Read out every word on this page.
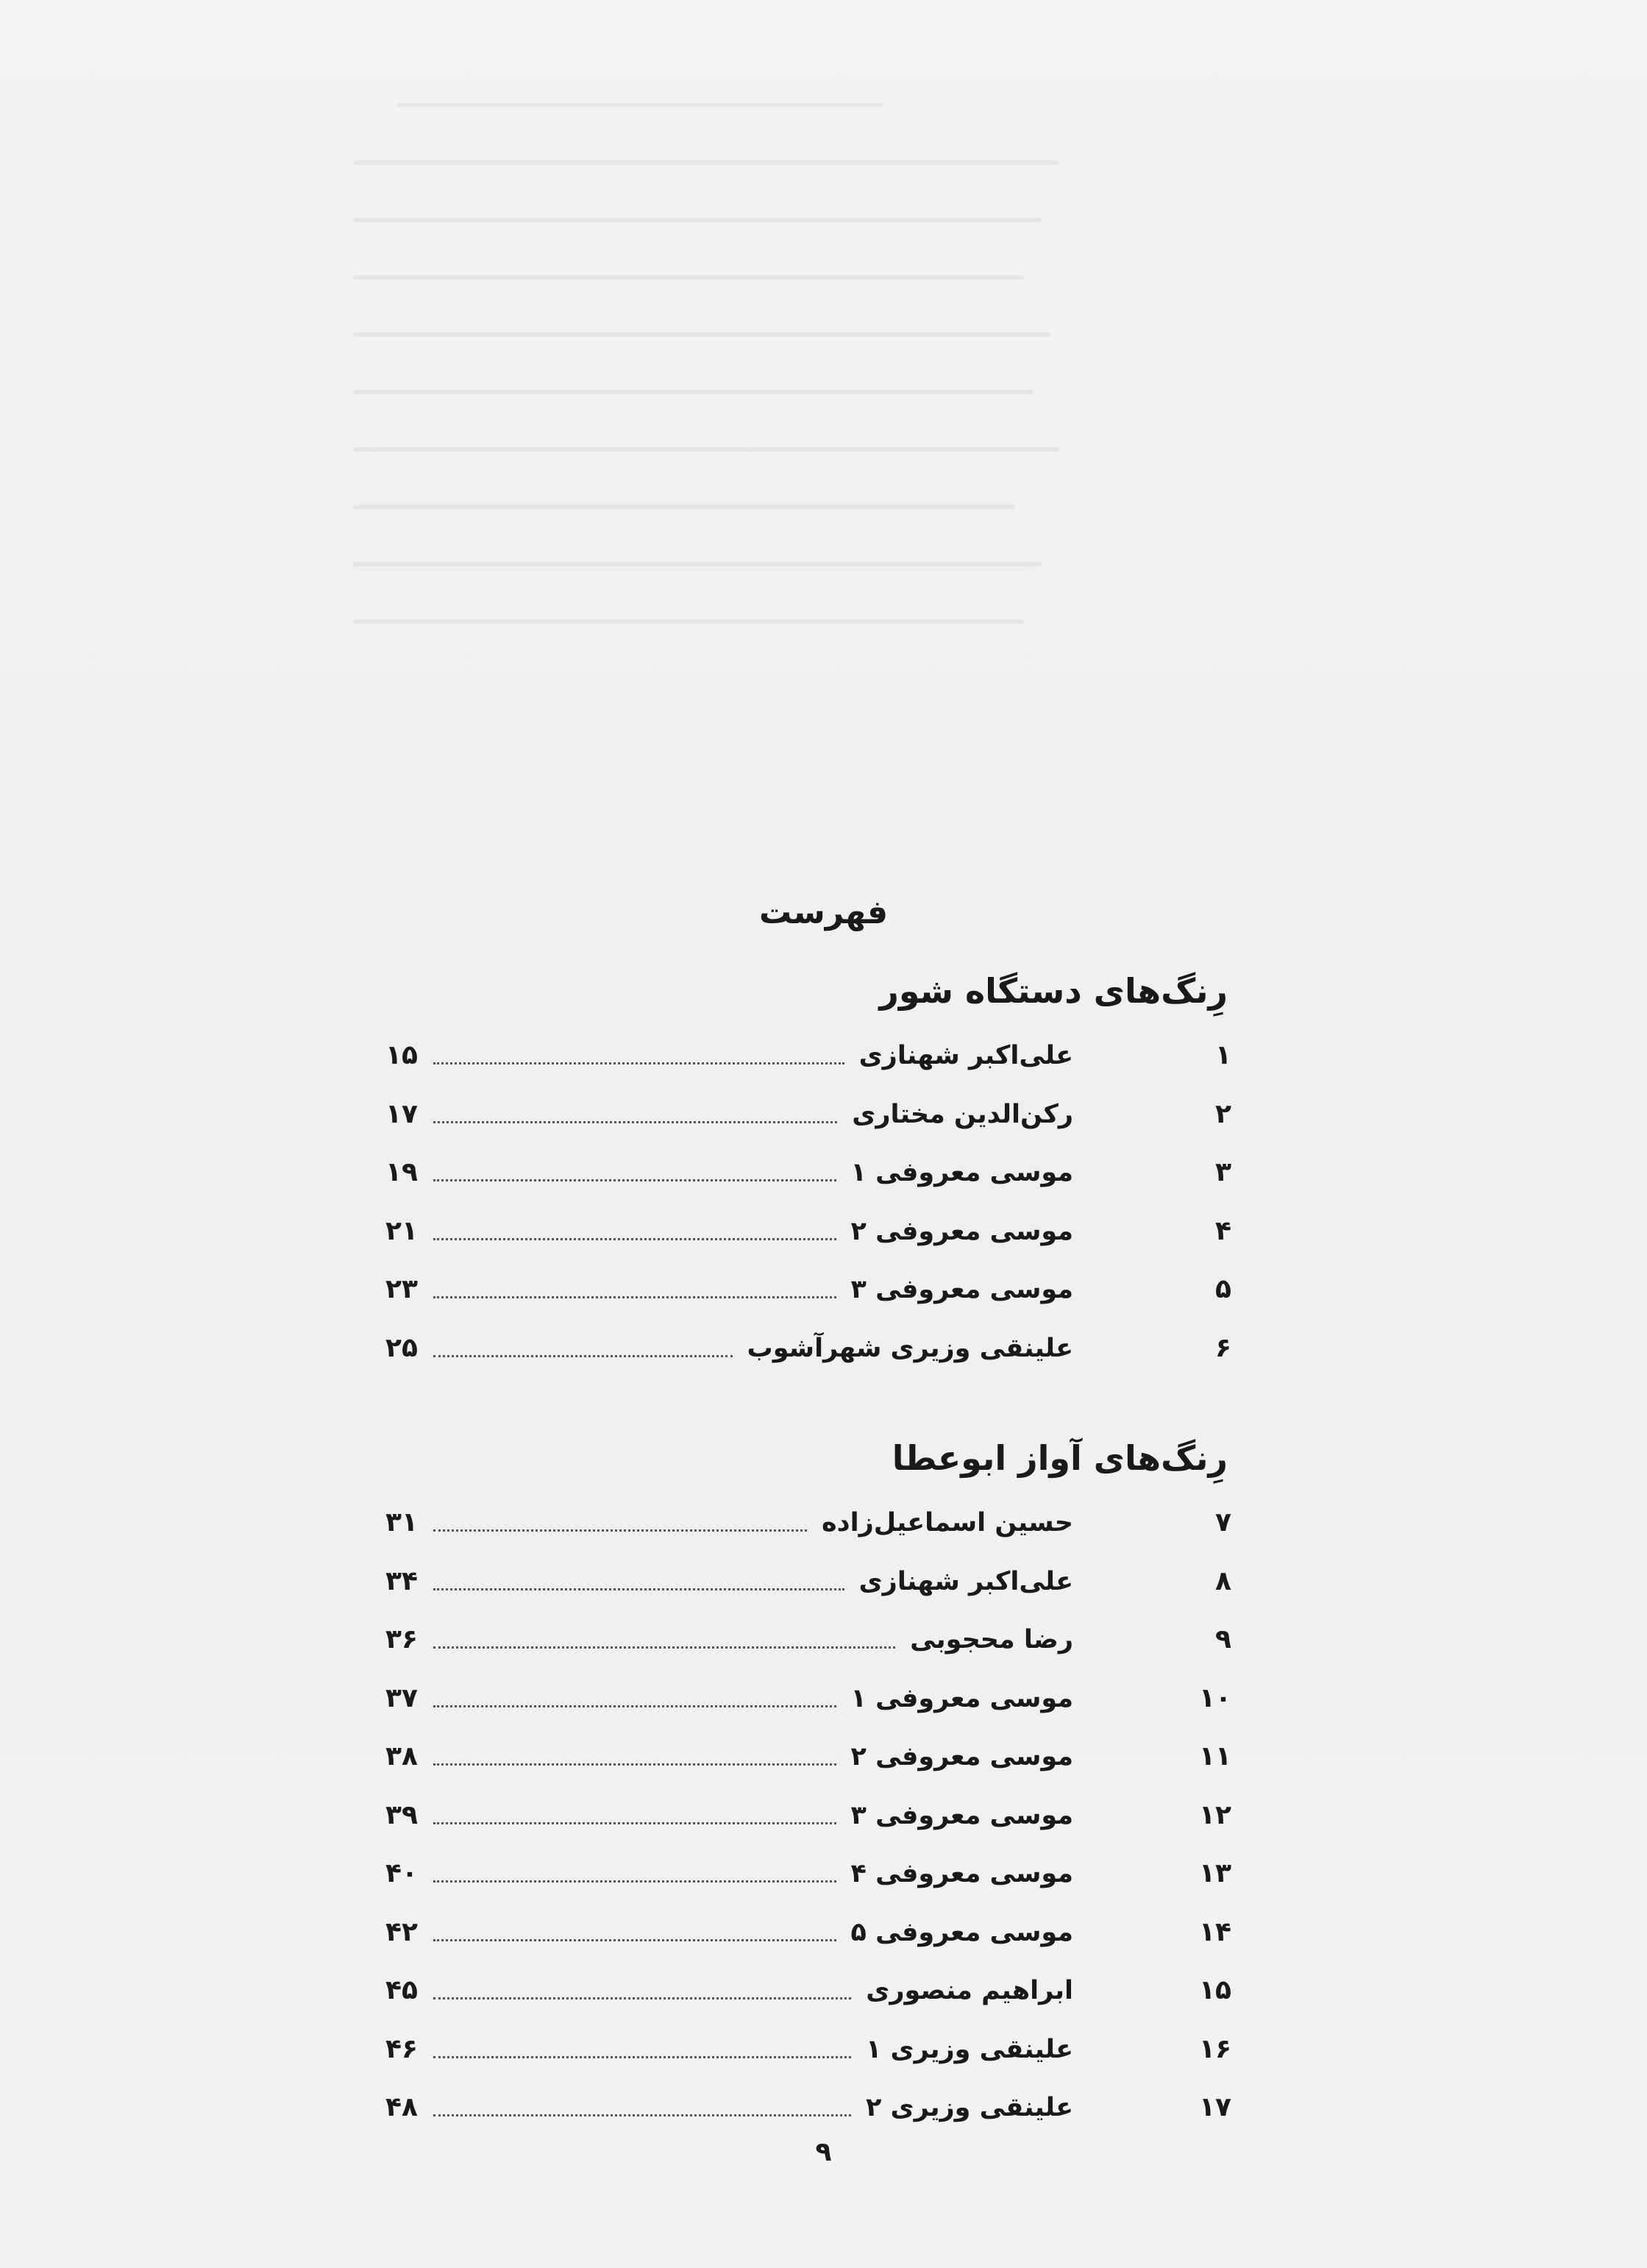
فهرست
رِنگ‌های دستگاه شور
۱
علی‌اکبر شهنازی
۱۵
۲
رکن‌الدین مختاری
۱۷
۳
موسی معروفی ۱
۱۹
۴
موسی معروفی ۲
۲۱
۵
موسی معروفی ۳
۲۳
۶
علینقی وزیری شهرآشوب
۲۵
رِنگ‌های آواز ابوعطا
۷
حسین اسماعیل‌زاده
۳۱
۸
علی‌اکبر شهنازی
۳۴
۹
رضا محجوبی
۳۶
۱۰
موسی معروفی ۱
۳۷
۱۱
موسی معروفی ۲
۳۸
۱۲
موسی معروفی ۳
۳۹
۱۳
موسی معروفی ۴
۴۰
۱۴
موسی معروفی ۵
۴۲
۱۵
ابراهیم منصوری
۴۵
۱۶
علینقی وزیری ۱
۴۶
۱۷
علینقی وزیری ۲
۴۸
۹
